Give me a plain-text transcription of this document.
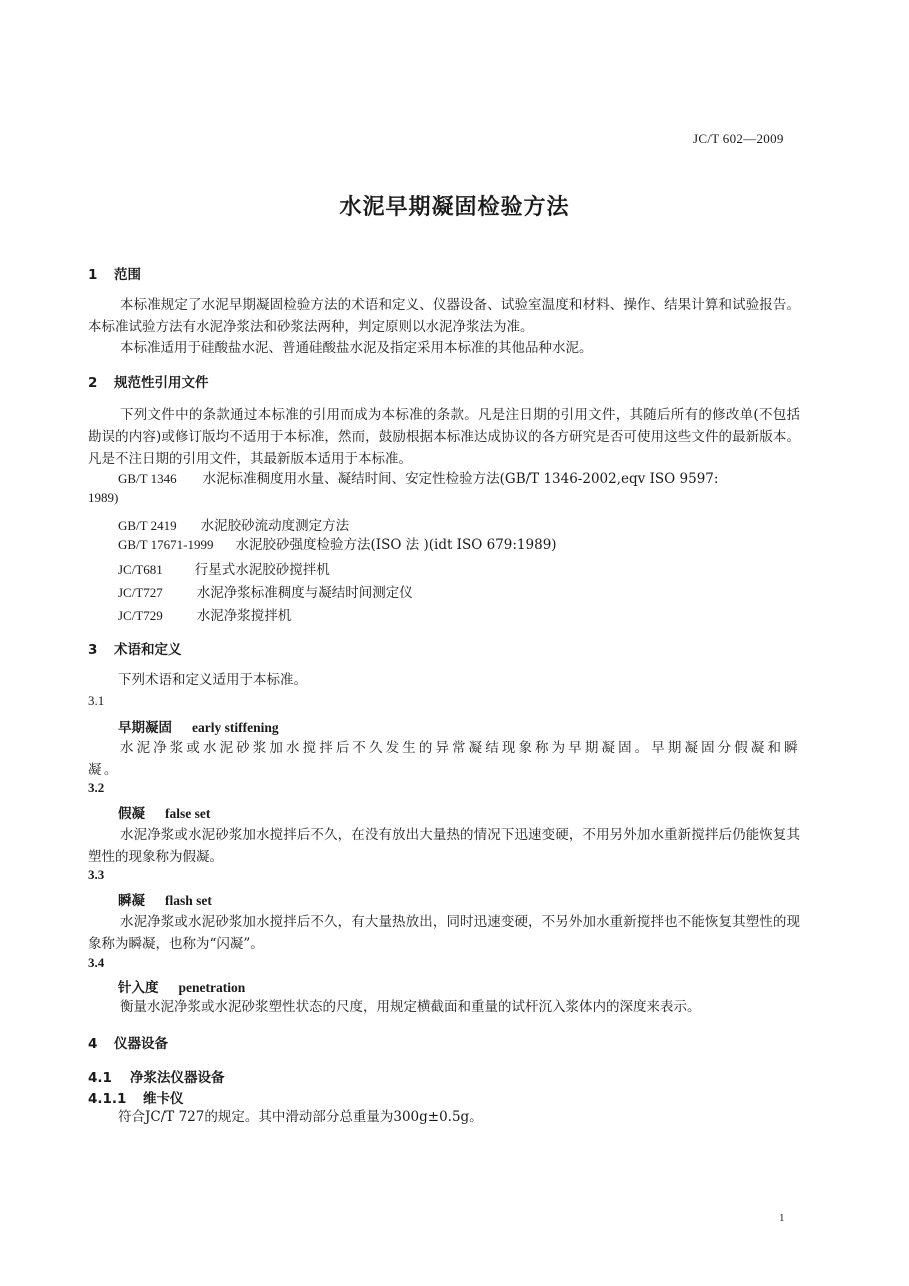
JC/T 602—2009
水泥早期凝固检验方法
1 范围
本标准规定了水泥早期凝固检验方法的术语和定义、仪器设备、试验室温度和材料、操作、结果计算和试验报告。本标准试验方法有水泥净浆法和砂浆法两种，判定原则以水泥净浆法为准。
本标准适用于硅酸盐水泥、普通硅酸盐水泥及指定采用本标准的其他品种水泥。
2 规范性引用文件
下列文件中的条款通过本标准的引用而成为本标准的条款。凡是注日期的引用文件，其随后所有的修改单(不包括勘误的内容)或修订版均不适用于本标准，然而，鼓励根据本标准达成协议的各方研究是否可使用这些文件的最新版本。凡是不注日期的引用文件，其最新版本适用于本标准。
GB/T 1346 水泥标准稠度用水量、凝结时间、安定性检验方法(GB/T 1346-2002,eqv ISO 9597:
1989)
GB/T 2419 水泥胶砂流动度测定方法
GB/T 17671-1999 水泥胶砂强度检验方法(ISO 法 )(idt ISO 679:1989)
JC/T681 行星式水泥胶砂搅拌机
JC/T727	水泥净浆标准稠度与凝结时间测定仪
JC/T729	水泥净浆搅拌机
3 术语和定义
下列术语和定义适用于本标准。
3.1
早期凝固 early stiffening
水泥净浆或水泥砂浆加水搅拌后不久发生的异常凝结现象称为早期凝固。早期凝固分假凝和瞬凝。
3.2
假凝 false set
水泥净浆或水泥砂浆加水搅拌后不久，在没有放出大量热的情况下迅速变硬，不用另外加水重新搅拌后仍能恢复其塑性的现象称为假凝。
3.3
瞬凝 flash set
水泥净浆或水泥砂浆加水搅拌后不久，有大量热放出，同时迅速变硬，不另外加水重新搅拌也不能恢复其塑性的现象称为瞬凝，也称为“闪凝”。
3.4
针入度 penetration
衡量水泥净浆或水泥砂浆塑性状态的尺度，用规定横截面和重量的试杆沉入浆体内的深度来表示。
4 仪器设备
4.1 净浆法仪器设备
4.1.1 维卡仪
符合JC/T 727的规定。其中滑动部分总重量为300g±0.5g。
1
